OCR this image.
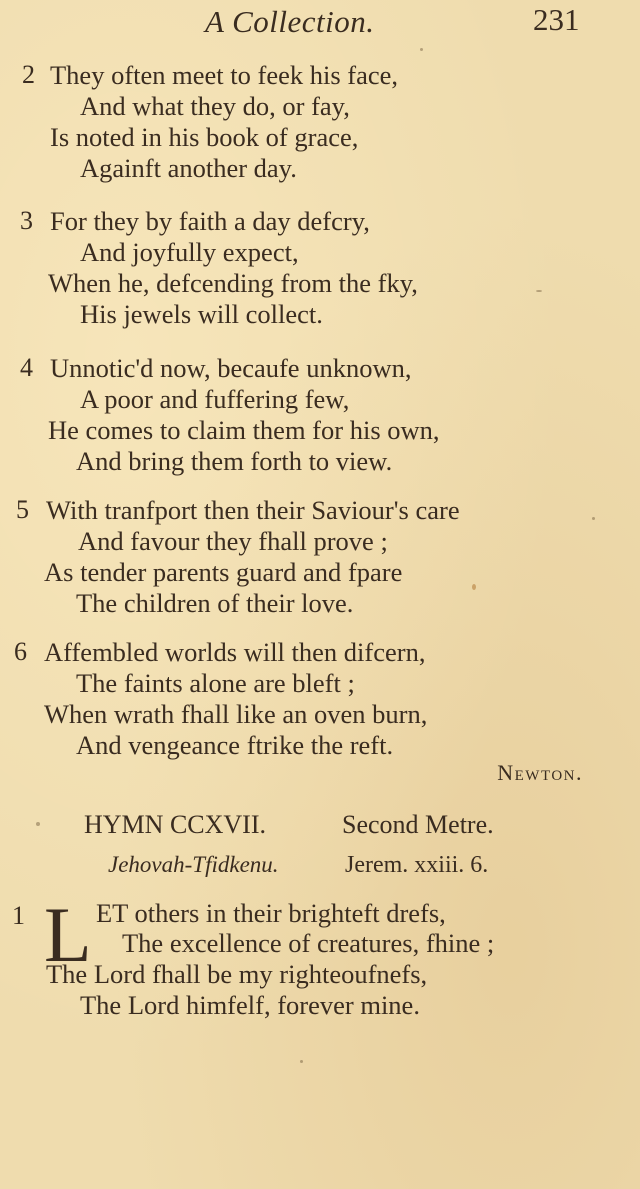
A Collection.	231
2 They often meet to feek his face,
And what they do, or fay,
Is noted in his book of grace,
Againft another day.
3 For they by faith a day defcry,
And joyfully expect,
When he, defcending from the fky,
His jewels will collect.
4 Unnotic'd now, becaufe unknown,
A poor and fuffering few,
He comes to claim them for his own,
And bring them forth to view.
5 With tranfport then their Saviour's care
And favour they fhall prove ;
As tender parents guard and fpare
The children of their love.
6 Affembled worlds will then difcern,
The faints alone are bleft ;
When wrath fhall like an oven burn,
And vengeance ftrike the reft.
Newton.
HYMN CCXVII.	Second Metre.
Jehovah-Tfidkenu.	Jerem. xxiii. 6.
1 L ET others in their brighteft drefs,
The excellence of creatures, fhine ;
The Lord fhall be my righteoufnefs,
The Lord himfelf, forever mine.
